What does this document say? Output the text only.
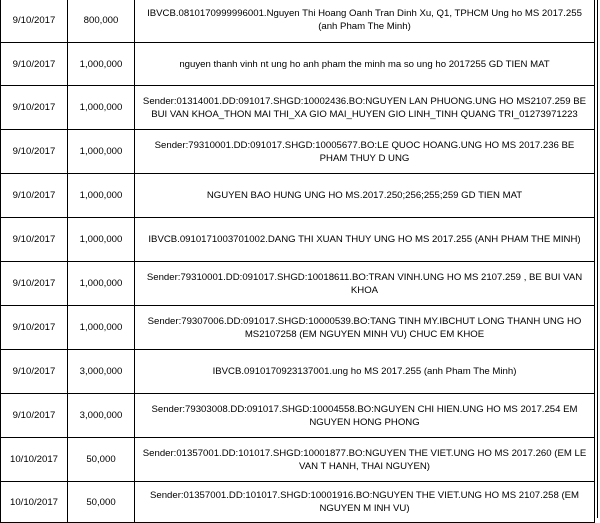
9/10/2017	800,000	IBVCB.0810170999996001.Nguyen Thi Hoang Oanh Tran Dinh Xu, Q1, TPHCM Ung ho MS 2017.255 (anh Pham The Minh)
9/10/2017	1,000,000	nguyen thanh vinh nt ung ho anh pham the minh ma so ung ho 2017255 GD TIEN MAT
9/10/2017	1,000,000	Sender:01314001.DD:091017.SHGD:10002436.BO:NGUYEN LAN PHUONG.UNG HO MS2107.259 BE BUI VAN KHOA_THON MAI THI_XA GIO MAI_HUYEN GIO LINH_TINH QUANG TRI_01273971223
9/10/2017	1,000,000	Sender:79310001.DD:091017.SHGD:10005677.BO:LE QUOC HOANG.UNG HO MS 2017.236 BE PHAM THUY D UNG
9/10/2017	1,000,000	NGUYEN BAO HUNG UNG HO MS.2017.250;256;255;259 GD TIEN MAT
9/10/2017	1,000,000	IBVCB.0910171003701002.DANG THI XUAN THUY UNG HO MS 2017.255 (ANH PHAM THE MINH)
9/10/2017	1,000,000	Sender:79310001.DD:091017.SHGD:10018611.BO:TRAN VINH.UNG HO MS 2107.259 , BE BUI VAN KHOA
9/10/2017	1,000,000	Sender:79307006.DD:091017.SHGD:10000539.BO:TANG TINH MY.IBCHUT LONG THANH UNG HO MS2107258 (EM NGUYEN MINH VU) CHUC EM KHOE
9/10/2017	3,000,000	IBVCB.0910170923137001.ung ho MS 2017.255 (anh Pham The Minh)
9/10/2017	3,000,000	Sender:79303008.DD:091017.SHGD:10004558.BO:NGUYEN CHI HIEN.UNG HO MS 2017.254 EM NGUYEN HONG PHONG
10/10/2017	50,000	Sender:01357001.DD:101017.SHGD:10001877.BO:NGUYEN THE VIET.UNG HO MS 2017.260 (EM LE VAN T HANH, THAI NGUYEN)
10/10/2017	50,000	Sender:01357001.DD:101017.SHGD:10001916.BO:NGUYEN THE VIET.UNG HO MS 2107.258 (EM NGUYEN M INH VU)
